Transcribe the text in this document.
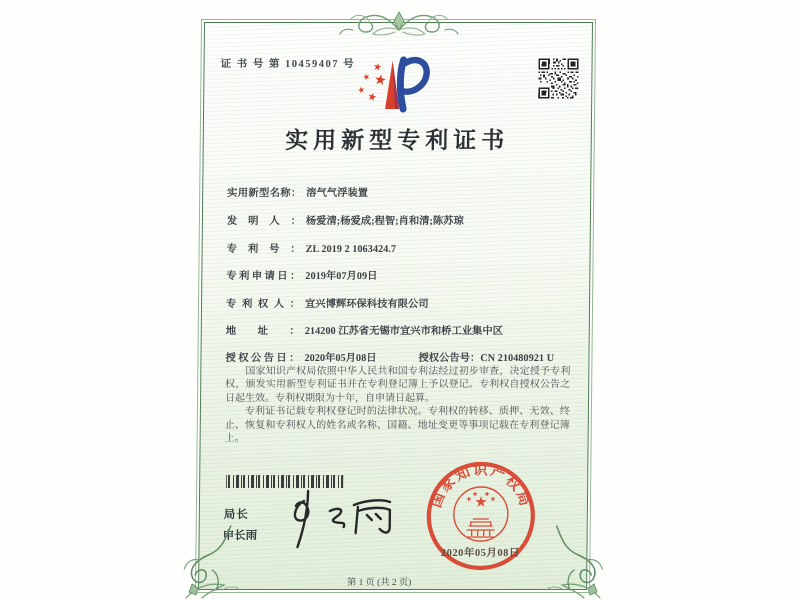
证 书 号 第 10459407 号
实用新型专利证书
实用新型名称： 溶气气浮装置
发明人： 杨爱清;杨爱成;程智;肖和清;陈苏琼
专利号： ZL 2019 2 1063424.7
专利申请日： 2019年07月09日
专利权人： 宜兴博辉环保科技有限公司
地址： 214200 江苏省无锡市宜兴市和桥工业集中区
授权公告日： 2020年05月08日	授权公告号：CN 210480921 U

国家知识产权局依照中华人民共和国专利法经过初步审查，决定授予专利权，颁发实用新型专利证书并在专利登记簿上予以登记。专利权自授权公告之日起生效。专利权期限为十年，自申请日起算。

专利证书记载专利权登记时的法律状况。专利权的转移、质押、无效、终止、恢复和专利权人的姓名或名称、国籍、地址变更等事项记载在专利登记簿上。

局长
申长雨
国家知识产权局
2020年05月08日
第 1 页 (共 2 页)
